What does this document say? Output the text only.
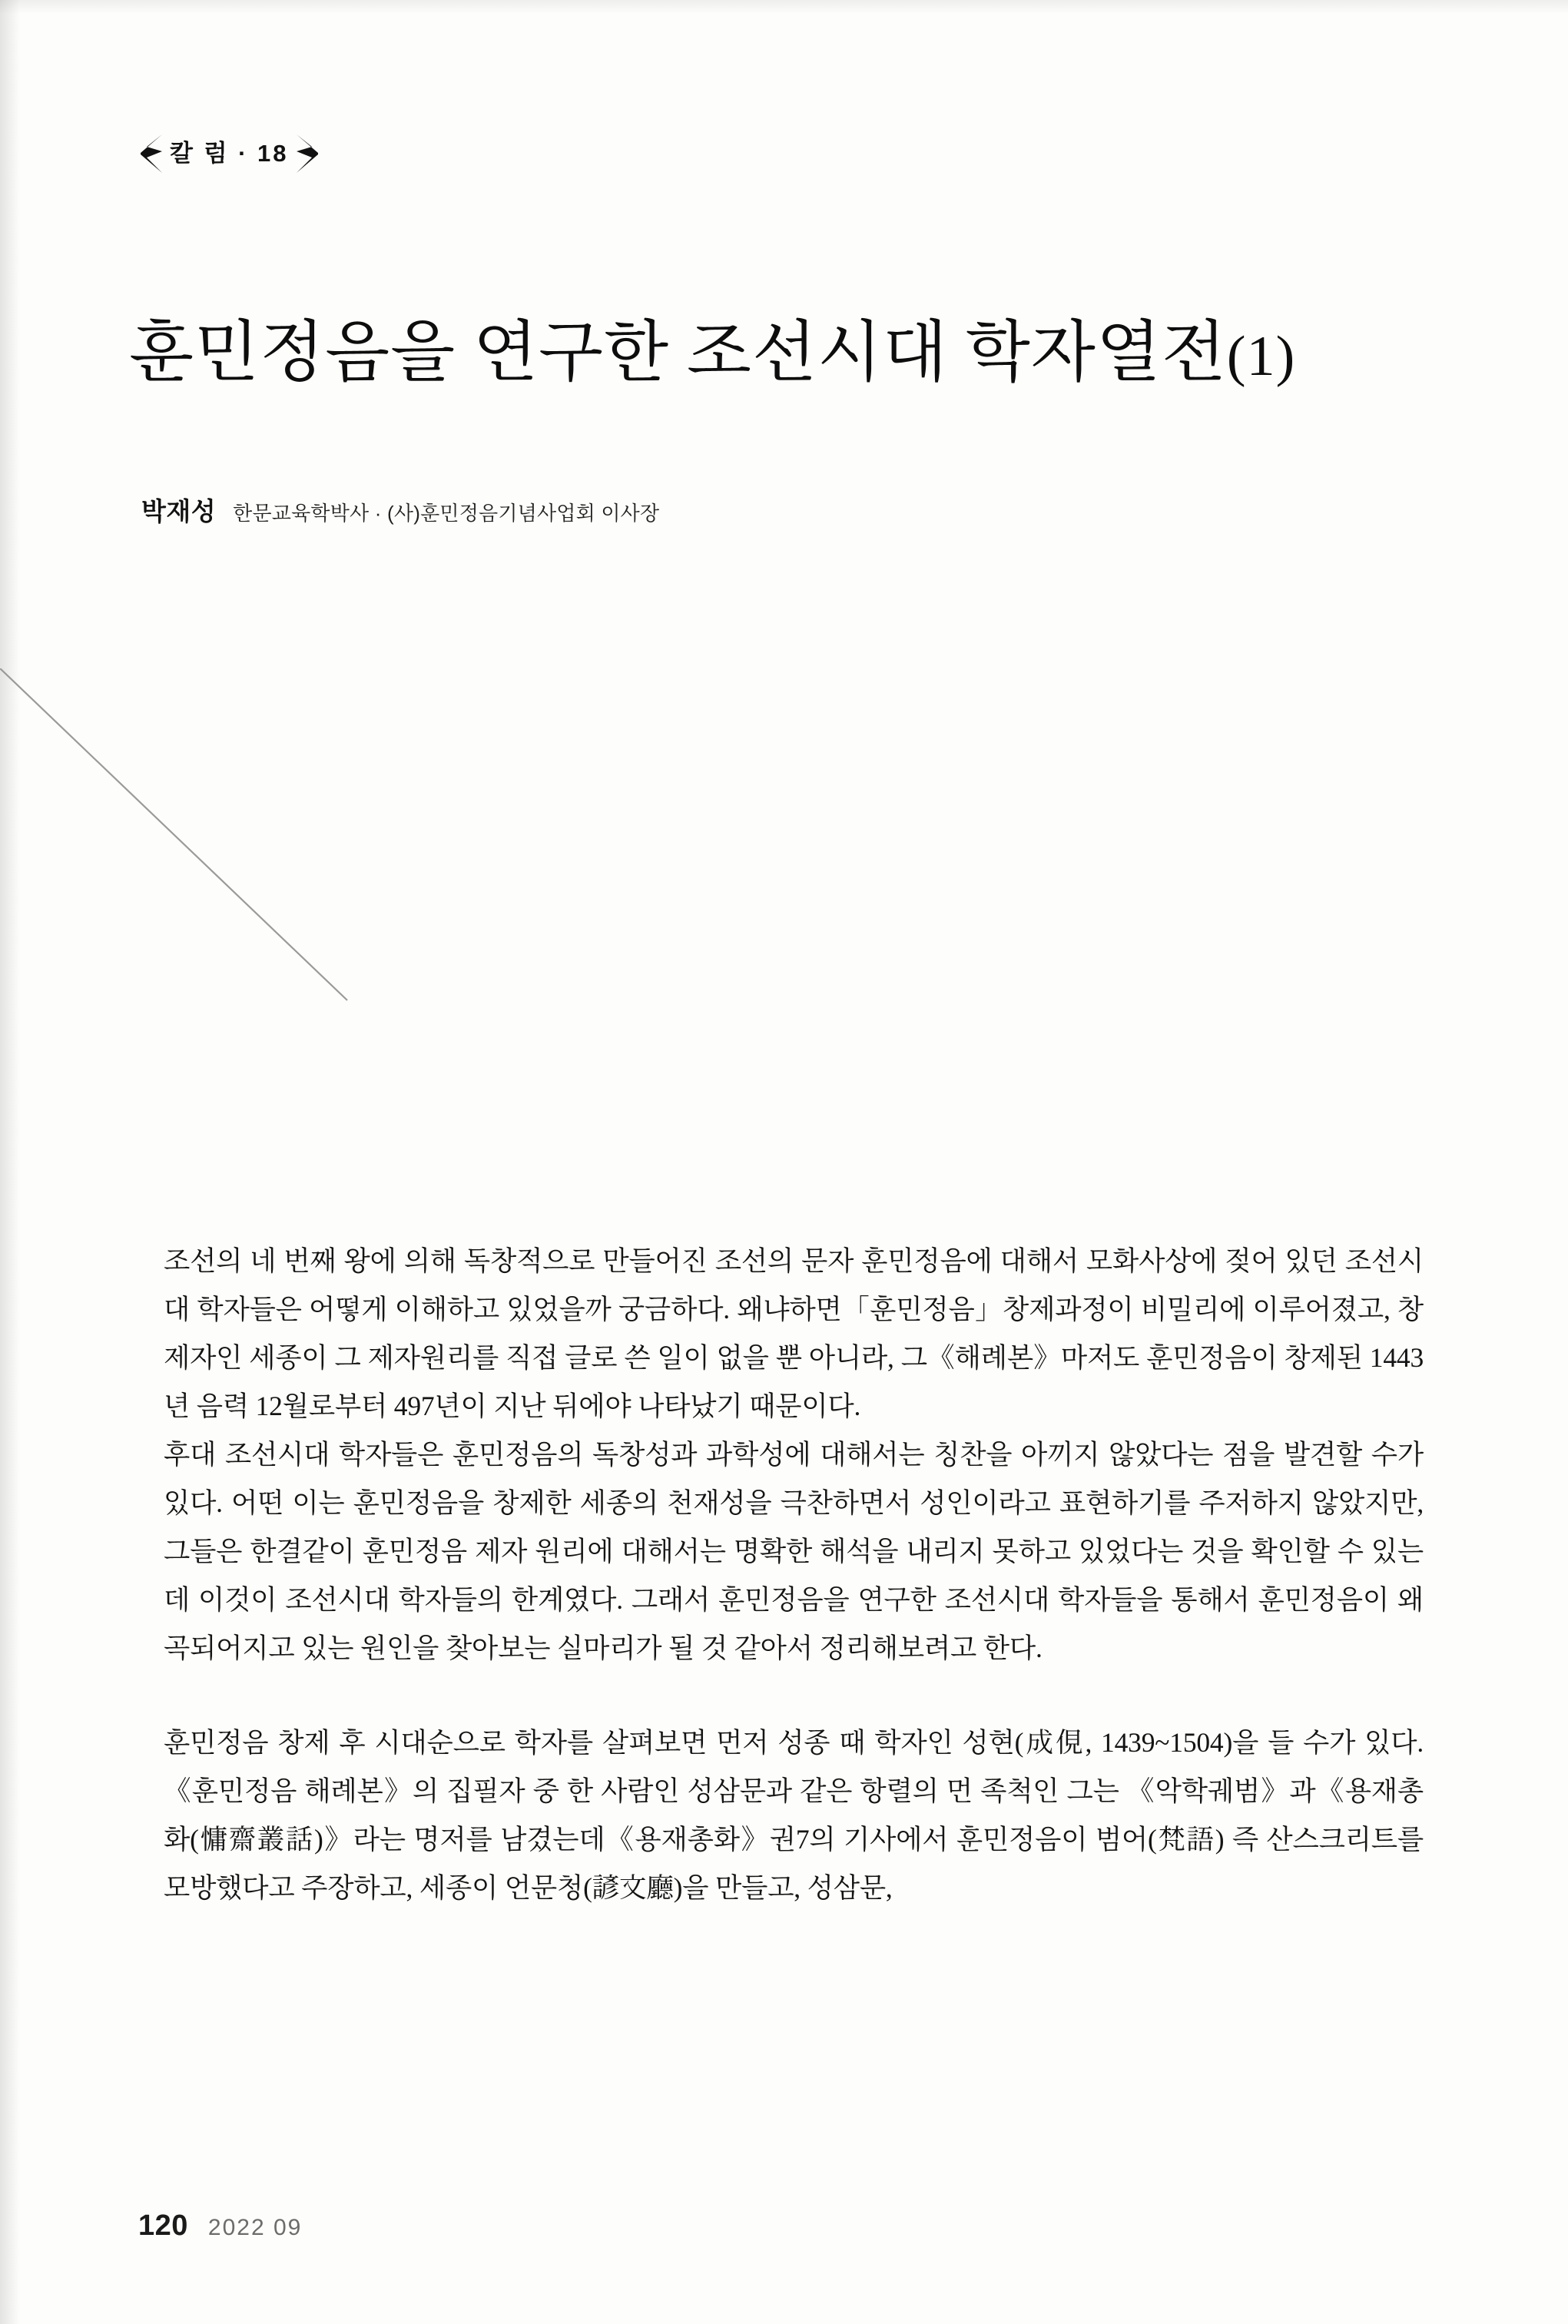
칼 럼 · 18
훈민정음을 연구한 조선시대 학자열전(1)
박재성 한문교육학박사 · (사)훈민정음기념사업회 이사장

조선의 네 번째 왕에 의해 독창적으로 만들어진 조선의 문자 훈민정음에 대해서 모화사상에 젖어 있던 조선시대 학자들은 어떻게 이해하고 있었을까 궁금하다. 왜냐하면「훈민정음」창제과정이 비밀리에 이루어졌고, 창제자인 세종이 그 제자원리를 직접 글로 쓴 일이 없을 뿐 아니라, 그《해례본》마저도 훈민정음이 창제된 1443년 음력 12월로부터 497년이 지난 뒤에야 나타났기 때문이다.

후대 조선시대 학자들은 훈민정음의 독창성과 과학성에 대해서는 칭찬을 아끼지 않았다는 점을 발견할 수가 있다. 어떤 이는 훈민정음을 창제한 세종의 천재성을 극찬하면서 성인이라고 표현하기를 주저하지 않았지만, 그들은 한결같이 훈민정음 제자 원리에 대해서는 명확한 해석을 내리지 못하고 있었다는 것을 확인할 수 있는데 이것이 조선시대 학자들의 한계였다. 그래서 훈민정음을 연구한 조선시대 학자들을 통해서 훈민정음이 왜곡되어지고 있는 원인을 찾아보는 실마리가 될 것 같아서 정리해보려고 한다.

훈민정음 창제 후 시대순으로 학자를 살펴보면 먼저 성종 때 학자인 성현(成俔, 1439~1504)을 들 수가 있다.《훈민정음 해례본》의 집필자 중 한 사람인 성삼문과 같은 항렬의 먼 족척인 그는 《악학궤범》과《용재총화(慵齋叢話)》라는 명저를 남겼는데《용재총화》권7의 기사에서 훈민정음이 범어(梵語) 즉 산스크리트를 모방했다고 주장하고, 세종이 언문청(諺文廳)을 만들고, 성삼문,

120 2022 09
